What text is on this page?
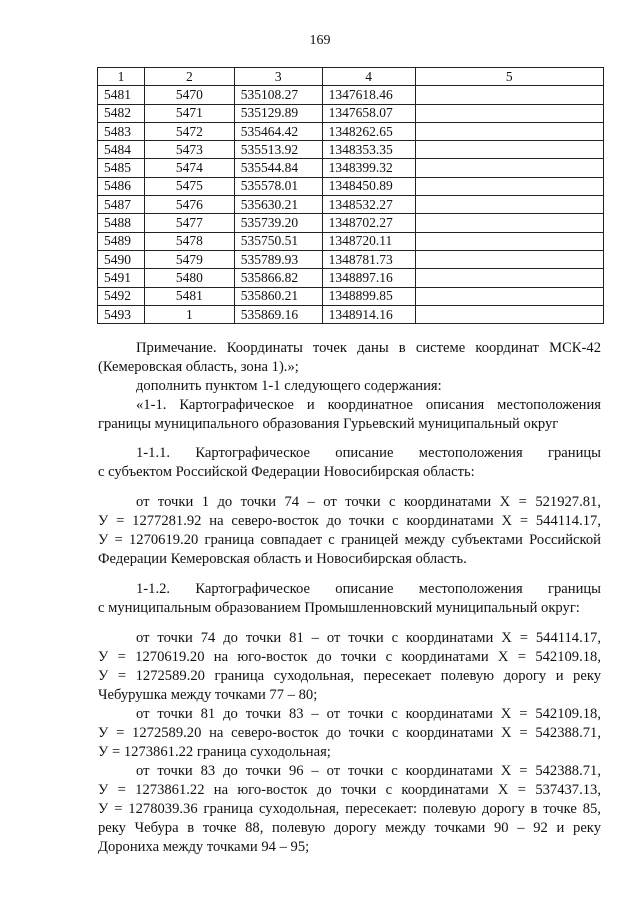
169
1	2	3	4	5
5481	5470	535108.27	1347618.46	
5482	5471	535129.89	1347658.07	
5483	5472	535464.42	1348262.65	
5484	5473	535513.92	1348353.35	
5485	5474	535544.84	1348399.32	
5486	5475	535578.01	1348450.89	
5487	5476	535630.21	1348532.27	
5488	5477	535739.20	1348702.27	
5489	5478	535750.51	1348720.11	
5490	5479	535789.93	1348781.73	
5491	5480	535866.82	1348897.16	
5492	5481	535860.21	1348899.85	
5493	1	535869.16	1348914.16	
Примечание. Координаты точек даны в системе координат МСК-42
(Кемеровская область, зона 1).»;
дополнить пунктом 1-1 следующего содержания:
«1-1. Картографическое и координатное описания местоположения
границы муниципального образования Гурьевский муниципальный округ
1-1.1. Картографическое описание местоположения границы
с субъектом Российской Федерации Новосибирская область:
от точки 1 до точки 74 – от точки с координатами Х = 521927.81,
У = 1277281.92 на северо-восток до точки с координатами Х = 544114.17,
У = 1270619.20 граница совпадает с границей между субъектами Российской
Федерации Кемеровская область и Новосибирская область.
1-1.2. Картографическое описание местоположения границы
с муниципальным образованием Промышленновский муниципальный округ:
от точки 74 до точки 81 – от точки с координатами Х = 544114.17,
У = 1270619.20 на юго-восток до точки с координатами Х = 542109.18,
У = 1272589.20 граница суходольная, пересекает полевую дорогу и реку
Чебурушка между точками 77 – 80;
от точки 81 до точки 83 – от точки с координатами Х = 542109.18,
У = 1272589.20 на северо-восток до точки с координатами Х = 542388.71,
У = 1273861.22 граница суходольная;
от точки 83 до точки 96 – от точки с координатами Х = 542388.71,
У = 1273861.22 на юго-восток до точки с координатами Х = 537437.13,
У = 1278039.36 граница суходольная, пересекает: полевую дорогу в точке 85,
реку Чебура в точке 88, полевую дорогу между точками 90 – 92 и реку
Дорониха между точками 94 – 95;
